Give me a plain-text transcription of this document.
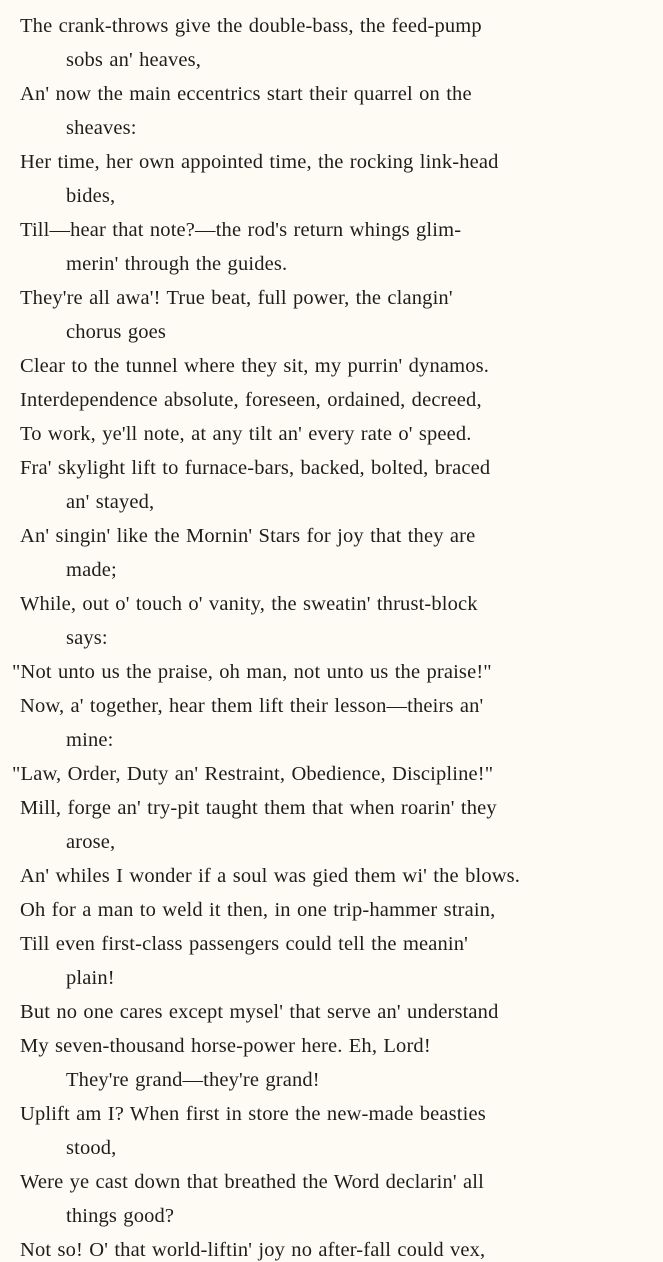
The crank-throws give the double-bass, the feed-pump
sobs an' heaves,
An' now the main eccentrics start their quarrel on the
sheaves:
Her time, her own appointed time, the rocking link-head
bides,
Till—hear that note?—the rod's return whings glim-
merin' through the guides.
They're all awa'! True beat, full power, the clangin'
chorus goes
Clear to the tunnel where they sit, my purrin' dynamos.
Interdependence absolute, foreseen, ordained, decreed,
To work, ye'll note, at any tilt an' every rate o' speed.
Fra' skylight lift to furnace-bars, backed, bolted, braced
an' stayed,
An' singin' like the Mornin' Stars for joy that they are
made;
While, out o' touch o' vanity, the sweatin' thrust-block
says:
"Not unto us the praise, oh man, not unto us the praise!"
Now, a' together, hear them lift their lesson—theirs an'
mine:
"Law, Order, Duty an' Restraint, Obedience, Discipline!"
Mill, forge an' try-pit taught them that when roarin' they
arose,
An' whiles I wonder if a soul was gied them wi' the blows.
Oh for a man to weld it then, in one trip-hammer strain,
Till even first-class passengers could tell the meanin'
plain!
But no one cares except mysel' that serve an' understand
My seven-thousand horse-power here. Eh, Lord!
They're grand—they're grand!
Uplift am I? When first in store the new-made beasties
stood,
Were ye cast down that breathed the Word declarin' all
things good?
Not so! O' that world-liftin' joy no after-fall could vex,
